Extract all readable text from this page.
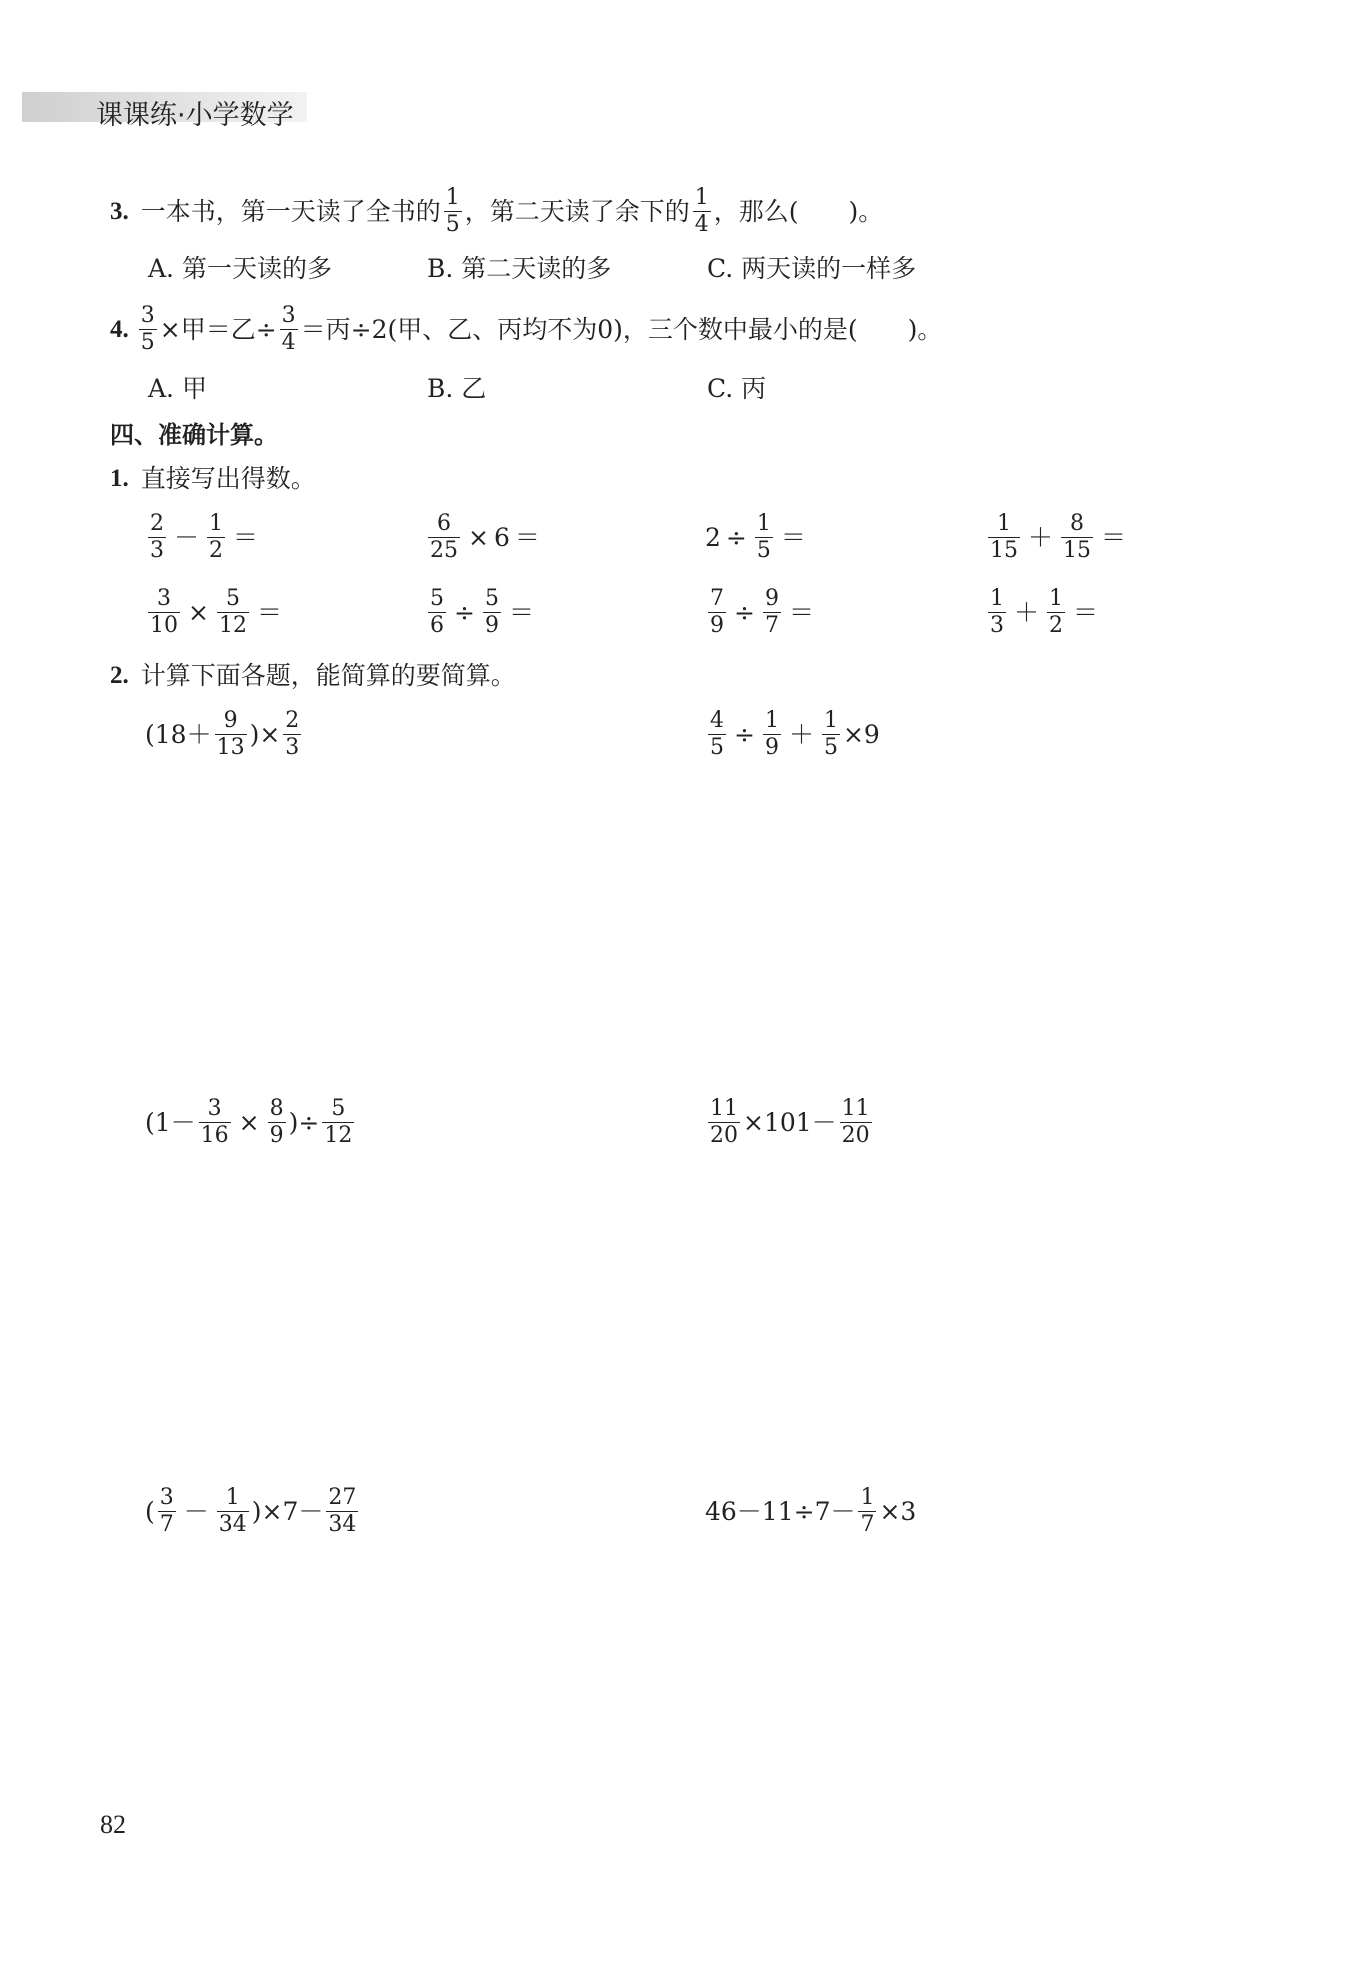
课课练·小学数学
3. 一本书，第一天读了全书的 $\frac{1}{5}$ ，第二天读了余下的 $\frac{1}{4}$ ，那么(　　)。
A. 第一天读的多	B. 第二天读的多	C. 两天读的一样多
4. $\frac{3}{5}$ ×甲＝乙÷ $\frac{3}{4}$ ＝丙÷2(甲、乙、丙均不为0)，三个数中最小的是(　　)。
A. 甲	B. 乙	C. 丙
四、准确计算。
1. 直接写出得数。
$\frac{2}{3} - \frac{1}{2}$ ＝	$\frac{6}{25} \times 6$ ＝	$2 \div \frac{1}{5}$ ＝	$\frac{1}{15} + \frac{8}{15}$ ＝
$\frac{3}{10} \times \frac{5}{12}$ ＝	$\frac{5}{6} \div \frac{5}{9}$ ＝	$\frac{7}{9} \div \frac{9}{7}$ ＝	$\frac{1}{3} + \frac{1}{2}$ ＝
2. 计算下面各题，能简算的要简算。
($18+ \frac{9}{13}$ )× $\frac{2}{3}$	$\frac{4}{5} \div \frac{1}{9} + \frac{1}{5} \times 9$
($1- \frac{3}{16} \times \frac{8}{9}$ )÷ $\frac{5}{12}$	$\frac{11}{20} \times 101- \frac{11}{20}$
( $\frac{3}{7} - \frac{1}{34} )\times 7- \frac{27}{34}$	$46-11\div 7- \frac{1}{7} \times 3$
82
